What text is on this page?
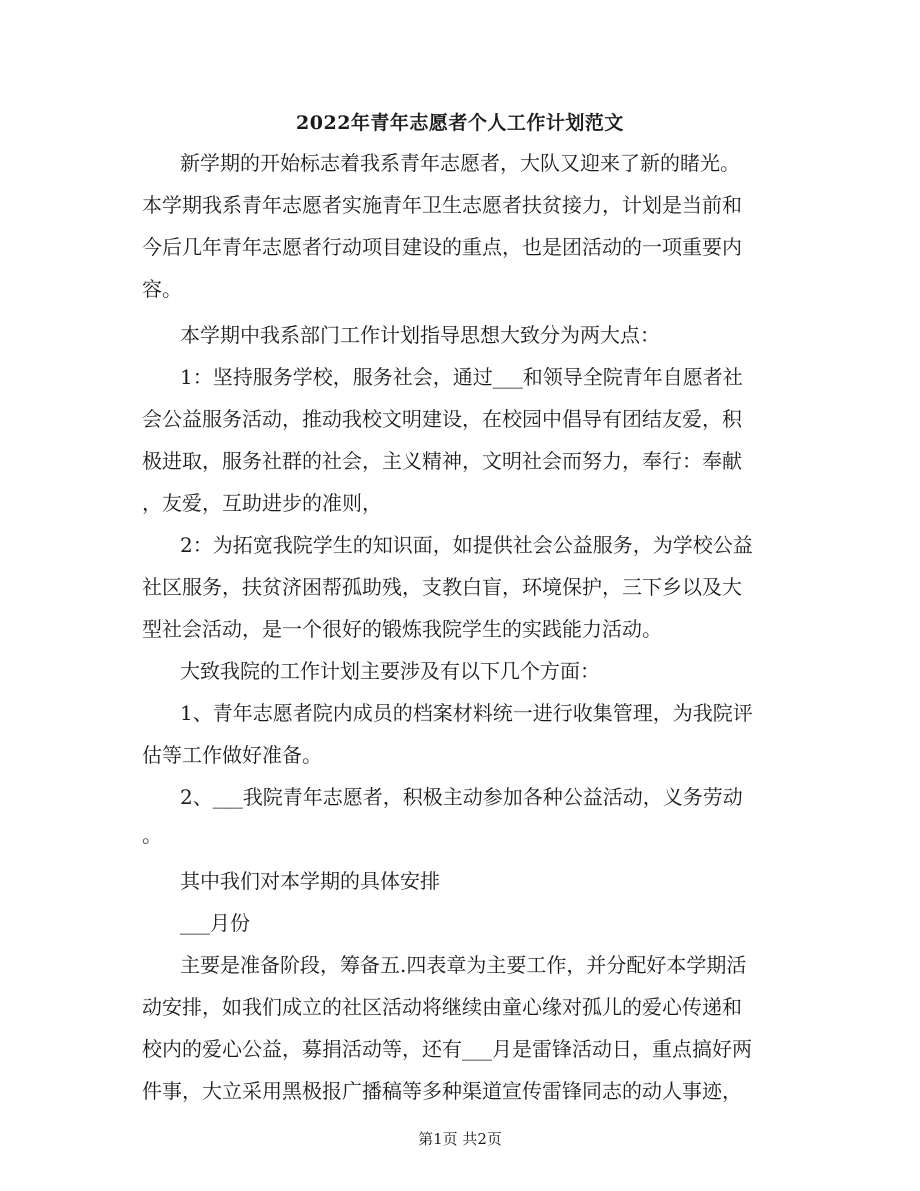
2022年青年志愿者个人工作计划范文
新学期的开始标志着我系青年志愿者，大队又迎来了新的睹光。
本学期我系青年志愿者实施青年卫生志愿者扶贫接力，计划是当前和
今后几年青年志愿者行动项目建设的重点，也是团活动的一项重要内
容。
本学期中我系部门工作计划指导思想大致分为两大点：
1：坚持服务学校，服务社会，通过___和领导全院青年自愿者社
会公益服务活动，推动我校文明建设，在校园中倡导有团结友爱，积
极进取，服务社群的社会，主义精神，文明社会而努力，奉行：奉献
，友爱，互助进步的准则，
2：为拓宽我院学生的知识面，如提供社会公益服务，为学校公益
社区服务，扶贫济困帮孤助残，支教白盲，环境保护，三下乡以及大
型社会活动，是一个很好的锻炼我院学生的实践能力活动。
大致我院的工作计划主要涉及有以下几个方面：
1、青年志愿者院内成员的档案材料统一进行收集管理，为我院评
估等工作做好准备。
2、___我院青年志愿者，积极主动参加各种公益活动，义务劳动
。
其中我们对本学期的具体安排
___月份
主要是准备阶段，筹备五.四表章为主要工作，并分配好本学期活
动安排，如我们成立的社区活动将继续由童心缘对孤儿的爱心传递和
校内的爱心公益，募捐活动等，还有___月是雷锋活动日，重点搞好两
件事，大立采用黑极报广播稿等多种渠道宣传雷锋同志的动人事迹，
第1页 共2页
